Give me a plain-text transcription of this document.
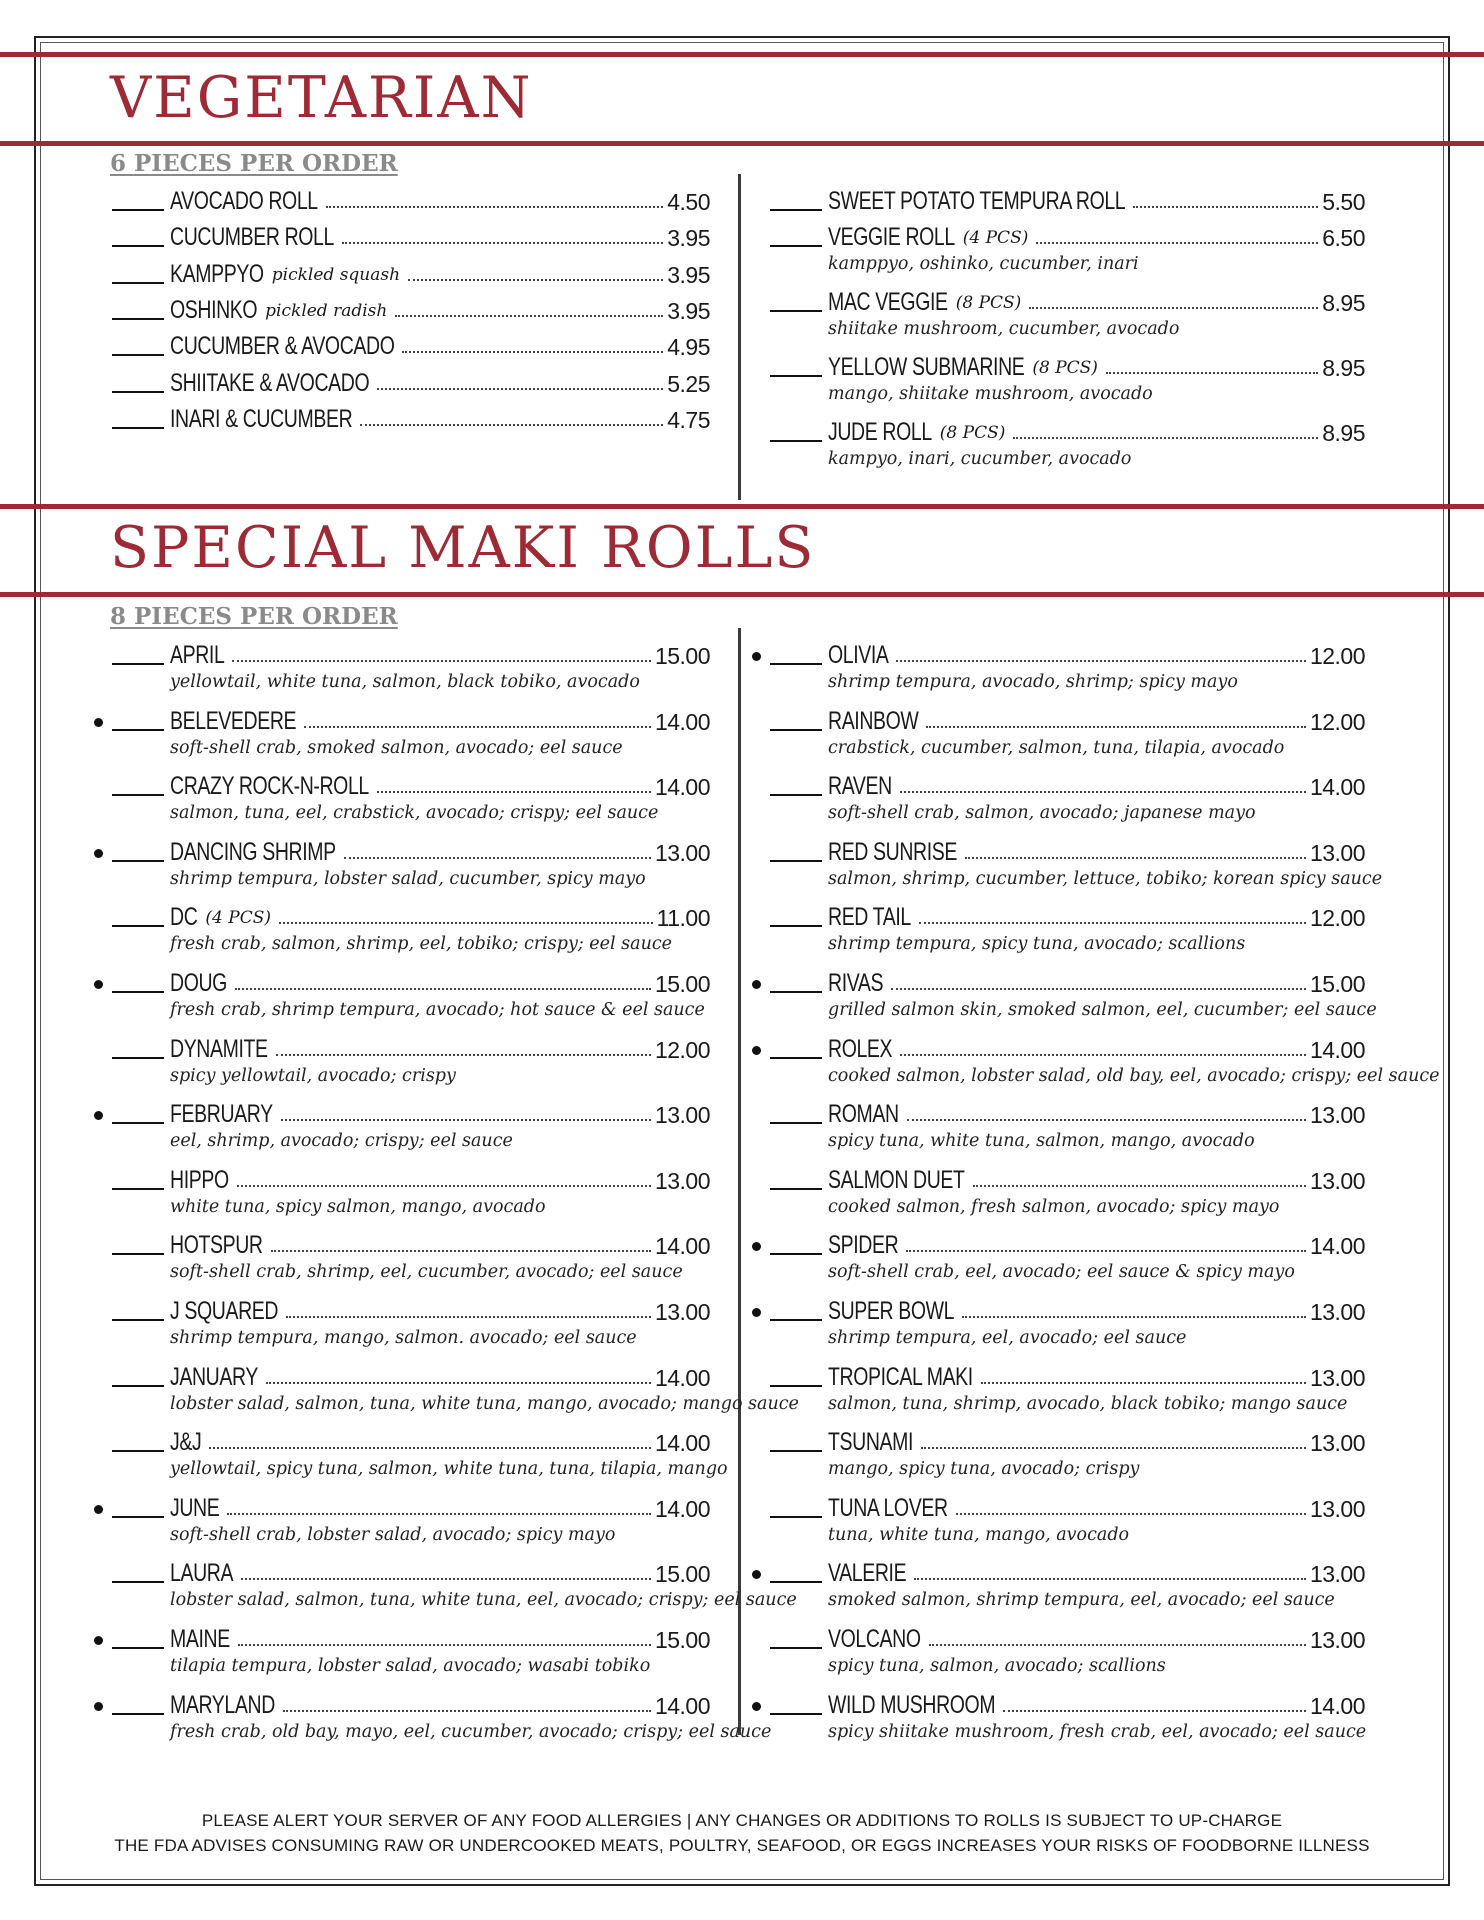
VEGETARIAN
6 PIECES PER ORDER
AVOCADO ROLL	4.50
CUCUMBER ROLL	3.95
KAMPPYO pickled squash	3.95
OSHINKO pickled radish	3.95
CUCUMBER & AVOCADO	4.95
SHIITAKE & AVOCADO	5.25
INARI & CUCUMBER	4.75
SWEET POTATO TEMPURA ROLL	5.50
VEGGIE ROLL (4 PCS)	6.50
kamppyo, oshinko, cucumber, inari
MAC VEGGIE (8 PCS)	8.95
shiitake mushroom, cucumber, avocado
YELLOW SUBMARINE (8 PCS)	8.95
mango, shiitake mushroom, avocado
JUDE ROLL (8 PCS)	8.95
kampyo, inari, cucumber, avocado
SPECIAL MAKI ROLLS
8 PIECES PER ORDER
APRIL	15.00
yellowtail, white tuna, salmon, black tobiko, avocado
BELEVEDERE	14.00
soft-shell crab, smoked salmon, avocado; eel sauce
CRAZY ROCK-N-ROLL	14.00
salmon, tuna, eel, crabstick, avocado; crispy; eel sauce
DANCING SHRIMP	13.00
shrimp tempura, lobster salad, cucumber, spicy mayo
DC (4 PCS)	11.00
fresh crab, salmon, shrimp, eel, tobiko; crispy; eel sauce
DOUG	15.00
fresh crab, shrimp tempura, avocado; hot sauce & eel sauce
DYNAMITE	12.00
spicy yellowtail, avocado; crispy
FEBRUARY	13.00
eel, shrimp, avocado; crispy; eel sauce
HIPPO	13.00
white tuna, spicy salmon, mango, avocado
HOTSPUR	14.00
soft-shell crab, shrimp, eel, cucumber, avocado; eel sauce
J SQUARED	13.00
shrimp tempura, mango, salmon. avocado; eel sauce
JANUARY	14.00
lobster salad, salmon, tuna, white tuna, mango, avocado; mango sauce
J&J	14.00
yellowtail, spicy tuna, salmon, white tuna, tuna, tilapia, mango
JUNE	14.00
soft-shell crab, lobster salad, avocado; spicy mayo
LAURA	15.00
lobster salad, salmon, tuna, white tuna, eel, avocado; crispy; eel sauce
MAINE	15.00
tilapia tempura, lobster salad, avocado; wasabi tobiko
MARYLAND	14.00
fresh crab, old bay, mayo, eel, cucumber, avocado; crispy; eel sauce
OLIVIA	12.00
shrimp tempura, avocado, shrimp; spicy mayo
RAINBOW	12.00
crabstick, cucumber, salmon, tuna, tilapia, avocado
RAVEN	14.00
soft-shell crab, salmon, avocado; japanese mayo
RED SUNRISE	13.00
salmon, shrimp, cucumber, lettuce, tobiko; korean spicy sauce
RED TAIL	12.00
shrimp tempura, spicy tuna, avocado; scallions
RIVAS	15.00
grilled salmon skin, smoked salmon, eel, cucumber; eel sauce
ROLEX	14.00
cooked salmon, lobster salad, old bay, eel, avocado; crispy; eel sauce
ROMAN	13.00
spicy tuna, white tuna, salmon, mango, avocado
SALMON DUET	13.00
cooked salmon, fresh salmon, avocado; spicy mayo
SPIDER	14.00
soft-shell crab, eel, avocado; eel sauce & spicy mayo
SUPER BOWL	13.00
shrimp tempura, eel, avocado; eel sauce
TROPICAL MAKI	13.00
salmon, tuna, shrimp, avocado, black tobiko; mango sauce
TSUNAMI	13.00
mango, spicy tuna, avocado; crispy
TUNA LOVER	13.00
tuna, white tuna, mango, avocado
VALERIE	13.00
smoked salmon, shrimp tempura, eel, avocado; eel sauce
VOLCANO	13.00
spicy tuna, salmon, avocado; scallions
WILD MUSHROOM	14.00
spicy shiitake mushroom, fresh crab, eel, avocado; eel sauce
PLEASE ALERT YOUR SERVER OF ANY FOOD ALLERGIES | ANY CHANGES OR ADDITIONS TO ROLLS IS SUBJECT TO UP-CHARGE
THE FDA ADVISES CONSUMING RAW OR UNDERCOOKED MEATS, POULTRY, SEAFOOD, OR EGGS INCREASES YOUR RISKS OF FOODBORNE ILLNESS
